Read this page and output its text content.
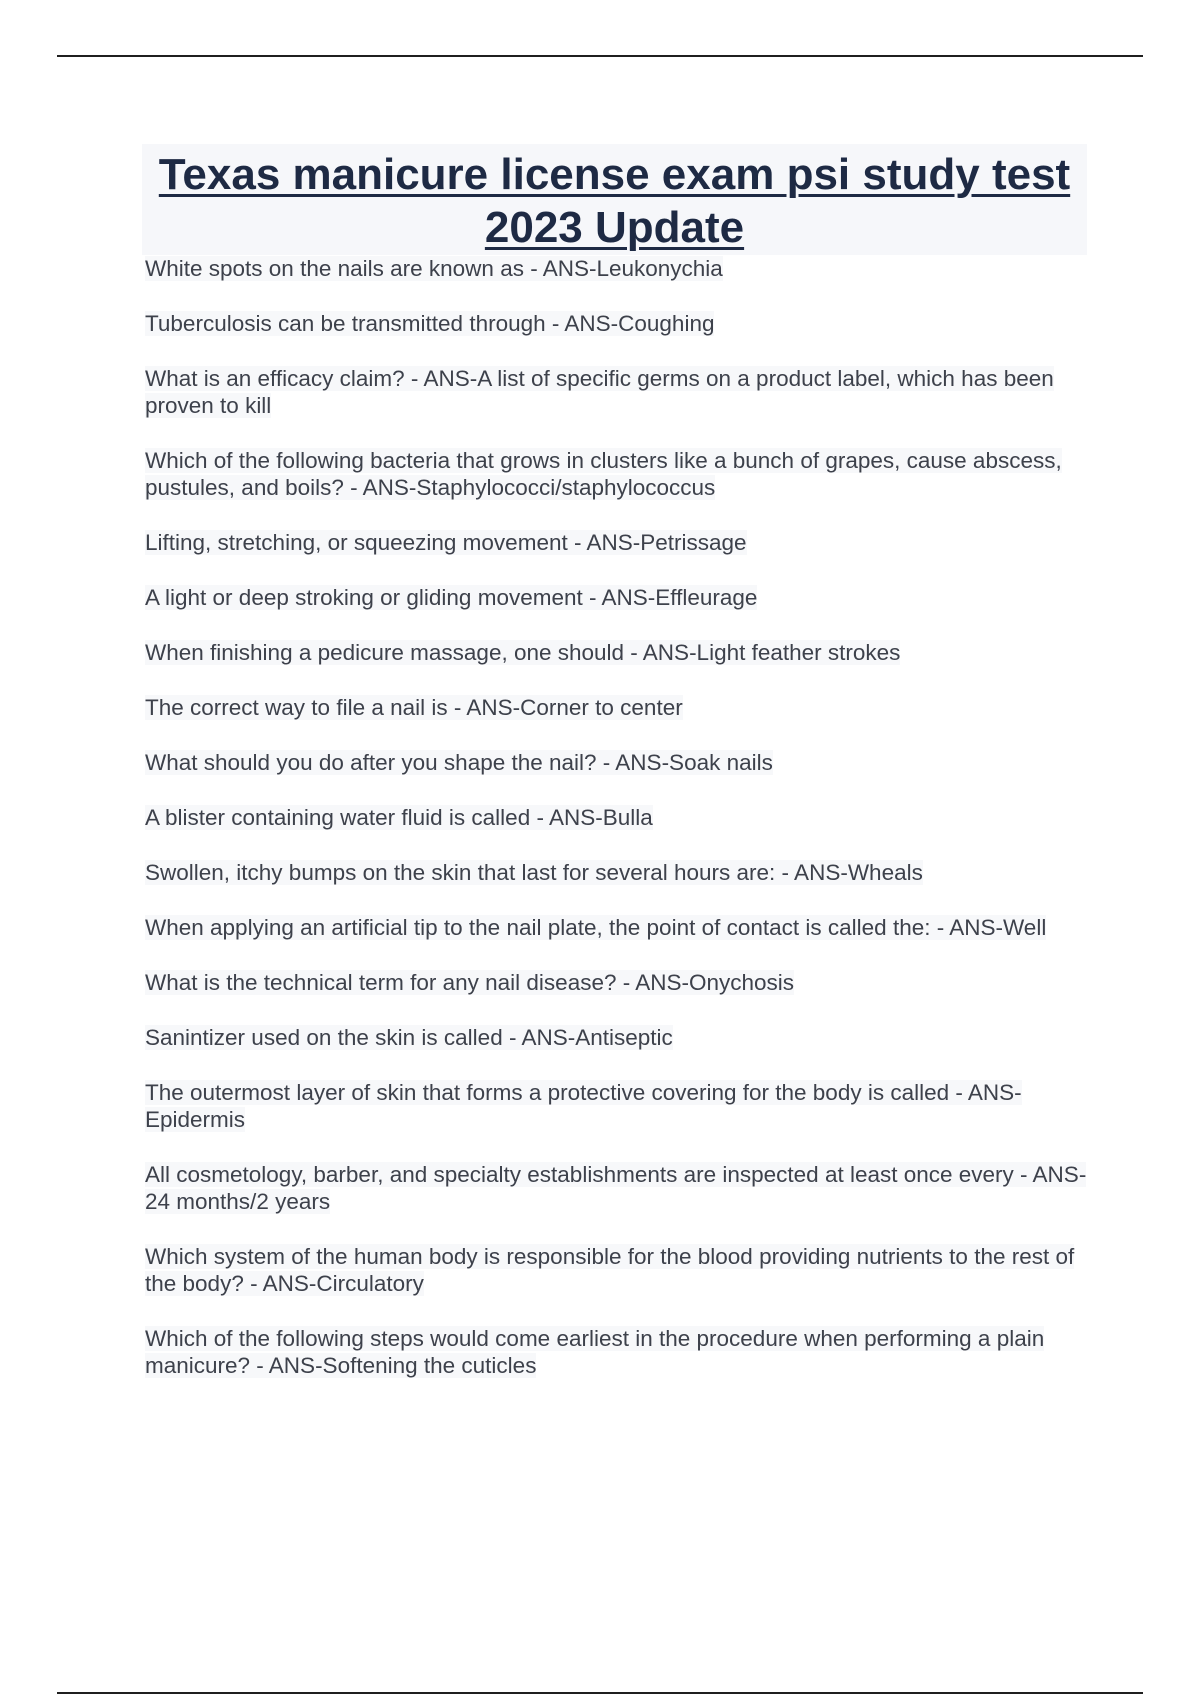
Texas manicure license exam psi study test 2023 Update
White spots on the nails are known as - ANS-Leukonychia
Tuberculosis can be transmitted through - ANS-Coughing
What is an efficacy claim? - ANS-A list of specific germs on a product label, which has been proven to kill
Which of the following bacteria that grows in clusters like a bunch of grapes, cause abscess, pustules, and boils? - ANS-Staphylococci/staphylococcus
Lifting, stretching, or squeezing movement - ANS-Petrissage
A light or deep stroking or gliding movement - ANS-Effleurage
When finishing a pedicure massage, one should - ANS-Light feather strokes
The correct way to file a nail is - ANS-Corner to center
What should you do after you shape the nail? - ANS-Soak nails
A blister containing water fluid is called - ANS-Bulla
Swollen, itchy bumps on the skin that last for several hours are: - ANS-Wheals
When applying an artificial tip to the nail plate, the point of contact is called the: - ANS-Well
What is the technical term for any nail disease? - ANS-Onychosis
Sanintizer used on the skin is called - ANS-Antiseptic
The outermost layer of skin that forms a protective covering for the body is called - ANS-Epidermis
All cosmetology, barber, and specialty establishments are inspected at least once every - ANS-24 months/2 years
Which system of the human body is responsible for the blood providing nutrients to the rest of the body? - ANS-Circulatory
Which of the following steps would come earliest in the procedure when performing a plain manicure? - ANS-Softening the cuticles
